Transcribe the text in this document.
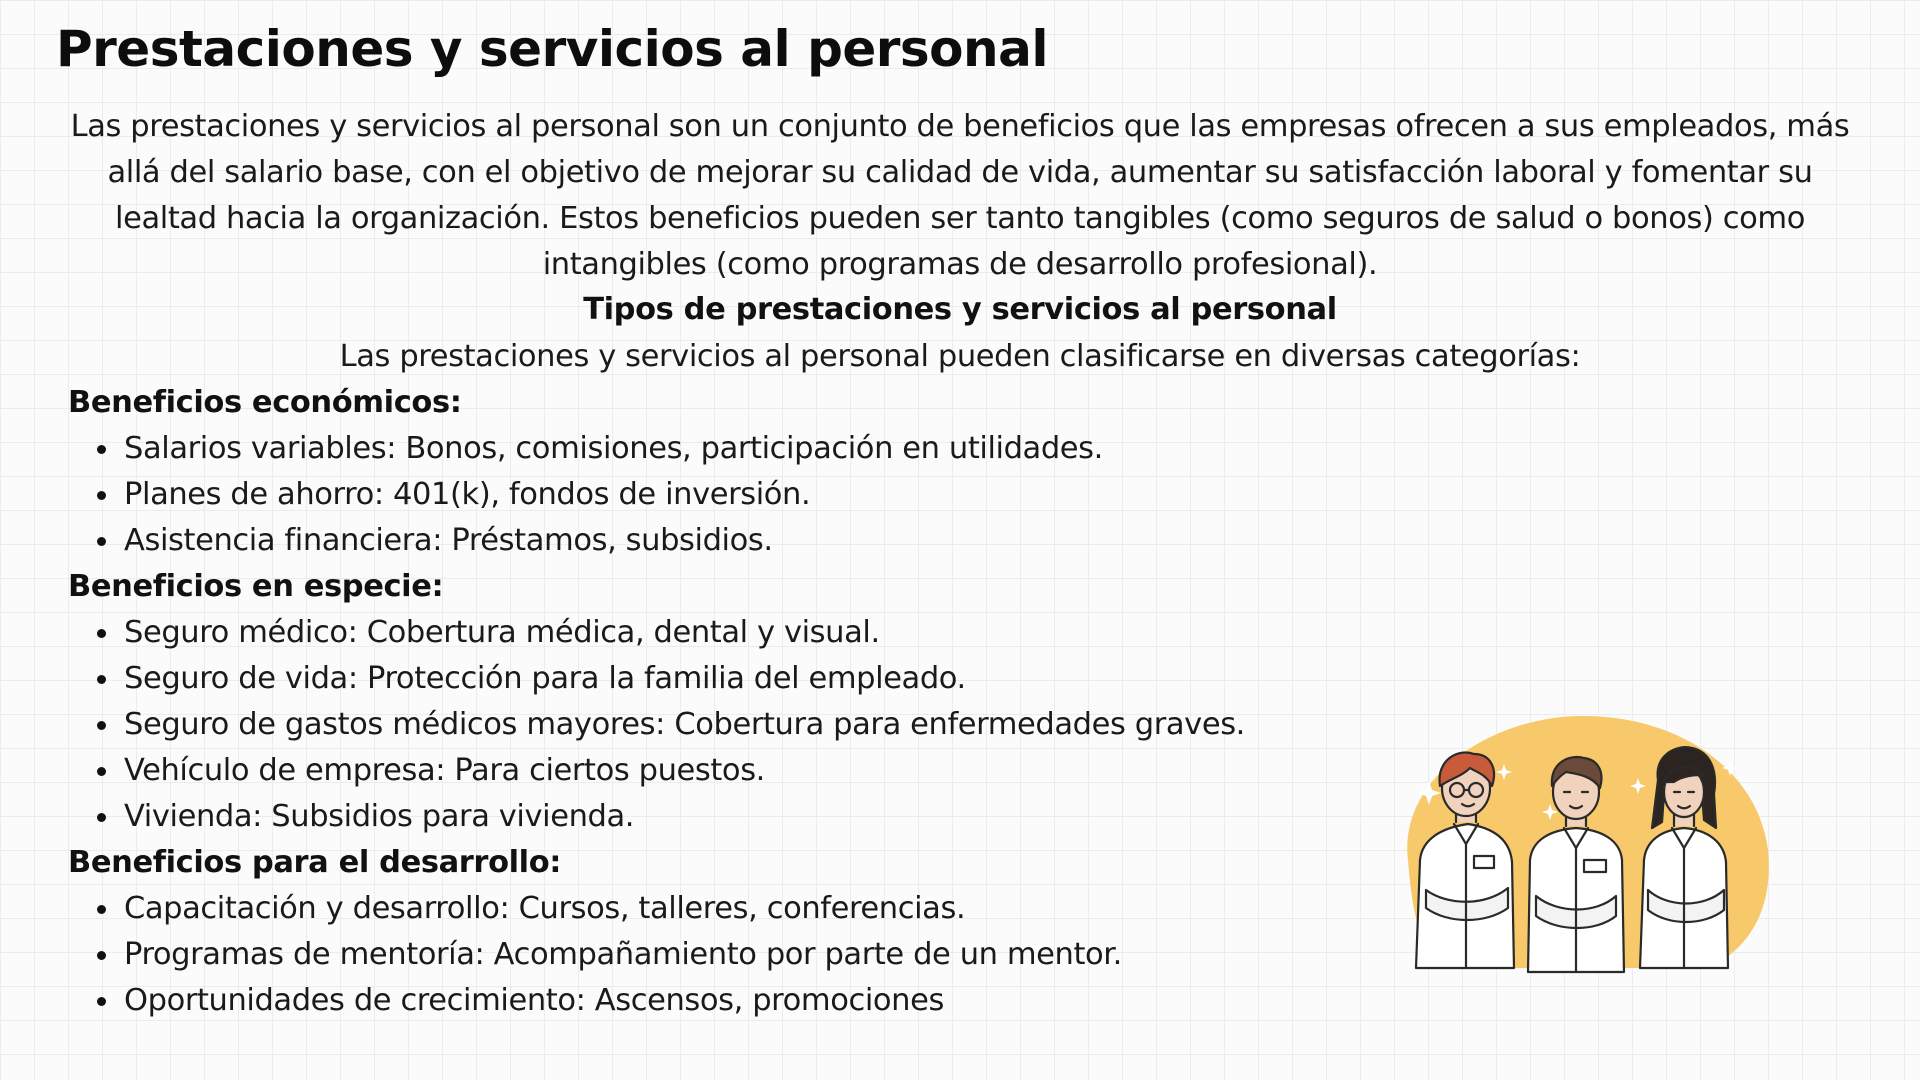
Prestaciones y servicios al personal

Las prestaciones y servicios al personal son un conjunto de beneficios que las empresas ofrecen a sus empleados, más allá del salario base, con el objetivo de mejorar su calidad de vida, aumentar su satisfacción laboral y fomentar su lealtad hacia la organización. Estos beneficios pueden ser tanto tangibles (como seguros de salud o bonos) como intangibles (como programas de desarrollo profesional).

Tipos de prestaciones y servicios al personal

Las prestaciones y servicios al personal pueden clasificarse en diversas categorías:

Beneficios económicos:

Salarios variables: Bonos, comisiones, participación en utilidades.
Planes de ahorro: 401(k), fondos de inversión.
Asistencia financiera: Préstamos, subsidios.

Beneficios en especie:

Seguro médico: Cobertura médica, dental y visual.
Seguro de vida: Protección para la familia del empleado.
Seguro de gastos médicos mayores: Cobertura para enfermedades graves.
Vehículo de empresa: Para ciertos puestos.
Vivienda: Subsidios para vivienda.

Beneficios para el desarrollo:

Capacitación y desarrollo: Cursos, talleres, conferencias.
Programas de mentoría: Acompañamiento por parte de un mentor.
Oportunidades de crecimiento: Ascensos, promociones
